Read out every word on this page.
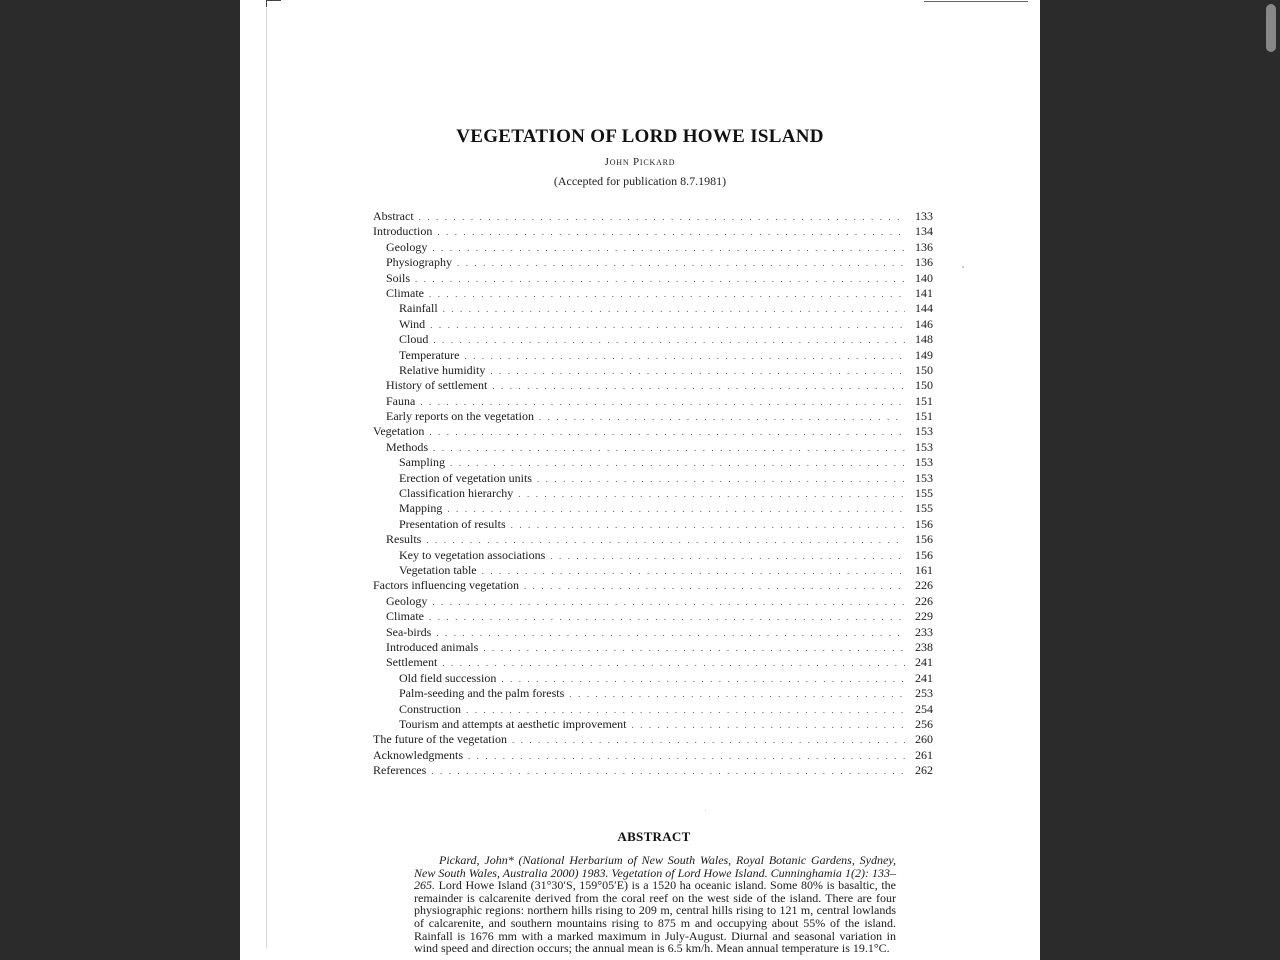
VEGETATION OF LORD HOWE ISLAND
John Pickard
(Accepted for publication 8.7.1981)
Abstract . . .	133
Introduction . . .	134
Geology . . .	136
Physiography . . .	136
Soils . . .	140
Climate . . .	141
Rainfall . . .	144
Wind . . .	146
Cloud . . .	148
Temperature . . .	149
Relative humidity . . .	150
History of settlement . . .	150
Fauna . . .	151
Early reports on the vegetation . . .	151
Vegetation . . .	153
Methods . . .	153
Sampling . . .	153
Erection of vegetation units . . .	153
Classification hierarchy . . .	155
Mapping . . .	155
Presentation of results . . .	156
Results . . .	156
Key to vegetation associations . . .	156
Vegetation table . . .	161
Factors influencing vegetation . . .	226
Geology . . .	226
Climate . . .	229
Sea-birds . . .	233
Introduced animals . . .	238
Settlement . . .	241
Old field succession . . .	241
Palm-seeding and the palm forests . . .	253
Construction . . .	254
Tourism and attempts at aesthetic improvement . . .	256
The future of the vegetation . . .	260
Acknowledgments . . .	261
References . . .	262
ABSTRACT

Pickard, John* (National Herbarium of New South Wales, Royal Botanic Gardens, Sydney, New South Wales, Australia 2000) 1983. Vegetation of Lord Howe Island. Cunninghamia 1(2): 133–265. Lord Howe Island (31°30′S, 159°05′E) is a 1520 ha oceanic island. Some 80% is basaltic, the remainder is calcarenite derived from the coral reef on the west side of the island. There are four physiographic regions: northern hills rising to 209 m, central hills rising to 121 m, central lowlands of calcarenite, and southern mountains rising to 875 m and occupying about 55% of the island. Rainfall is 1676 mm with a marked maximum in July-August. Diurnal and seasonal variation in wind speed and direction occurs; the annual mean is 6.5 km/h. Mean annual temperature is 19.1°C.
